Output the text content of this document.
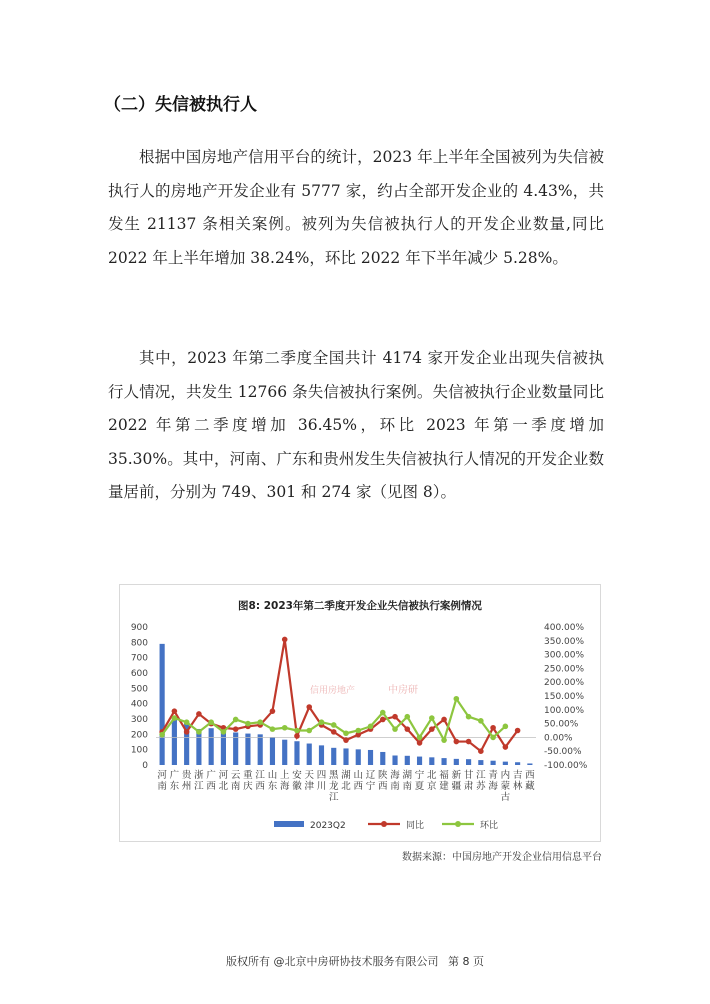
（二）失信被执行人

根据中国房地产信用平台的统计，2023 年上半年全国被列为失信被执行人的房地产开发企业有 5777 家，约占全部开发企业的 4.43%，共发生 21137 条相关案例。被列为失信被执行人的开发企业数量,同比 2022 年上半年增加 38.24%，环比 2022 年下半年减少 5.28%。

其中，2023 年第二季度全国共计 4174 家开发企业出现失信被执行人情况，共发生 12766 条失信被执行案例。失信被执行企业数量同比 2022 年第二季度增加 36.45%，环比 2023 年第一季度增加 35.30%。其中，河南、广东和贵州发生失信被执行人情况的开发企业数量居前，分别为 749、301 和 274 家（见图 8）。

图8: 2023年第二季度开发企业失信被执行案例情况
0
100
200
300
400
500
600
700
800
900
-100.00%
-50.00%
0.00%
50.00%
100.00%
150.00%
200.00%
250.00%
300.00%
350.00%
400.00%
信用房地产	中房研
河南
广东
贵州
浙江
广西
河北
云南
重庆
江西
山东
上海
安徽
天津
四川
黑龙江
湖北
山西
辽宁
陕西
海南
湖南
宁夏
北京
福建
新疆
甘肃
江苏
青海
内蒙古
吉林
西藏
2023Q2	同比	环比
数据来源：中国房地产开发企业信用信息平台
版权所有 @北京中房研协技术服务有限公司 第 8 页
